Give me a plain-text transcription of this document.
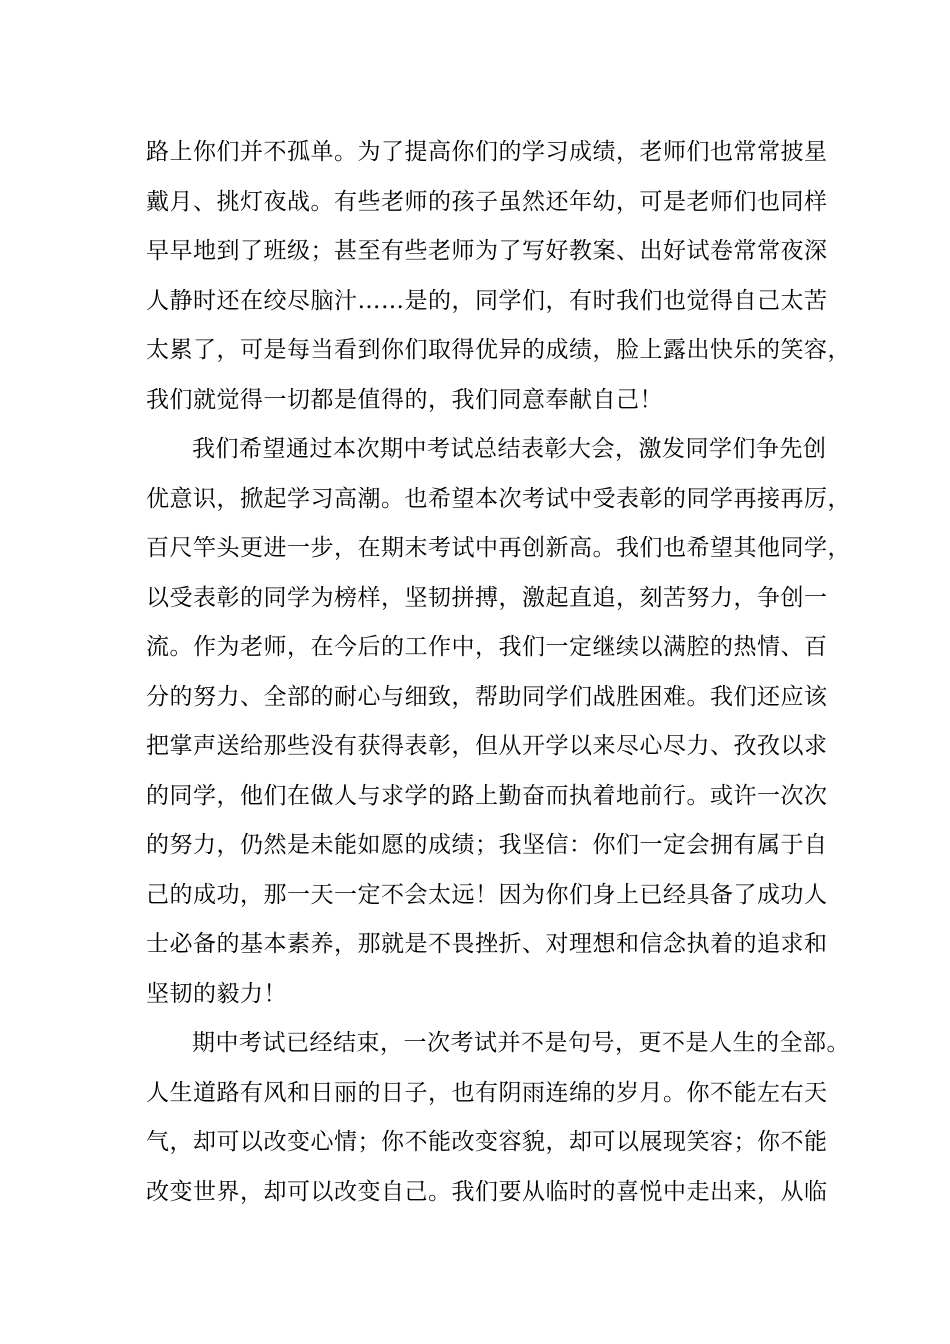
路上你们并不孤单。为了提高你们的学习成绩，老师们也常常披星
戴月、挑灯夜战。有些老师的孩子虽然还年幼，可是老师们也同样
早早地到了班级；甚至有些老师为了写好教案、出好试卷常常夜深
人静时还在绞尽脑汁……是的，同学们，有时我们也觉得自己太苦
太累了，可是每当看到你们取得优异的成绩，脸上露出快乐的笑容，
我们就觉得一切都是值得的，我们同意奉献自己！
我们希望通过本次期中考试总结表彰大会，激发同学们争先创
优意识，掀起学习高潮。也希望本次考试中受表彰的同学再接再厉，
百尺竿头更进一步，在期末考试中再创新高。我们也希望其他同学，
以受表彰的同学为榜样，坚韧拼搏，激起直追，刻苦努力，争创一
流。作为老师，在今后的工作中，我们一定继续以满腔的热情、百
分的努力、全部的耐心与细致，帮助同学们战胜困难。我们还应该
把掌声送给那些没有获得表彰，但从开学以来尽心尽力、孜孜以求
的同学，他们在做人与求学的路上勤奋而执着地前行。或许一次次
的努力，仍然是未能如愿的成绩；我坚信：你们一定会拥有属于自
己的成功，那一天一定不会太远！因为你们身上已经具备了成功人
士必备的基本素养，那就是不畏挫折、对理想和信念执着的追求和
坚韧的毅力！
期中考试已经结束，一次考试并不是句号，更不是人生的全部。
人生道路有风和日丽的日子，也有阴雨连绵的岁月。你不能左右天
气，却可以改变心情；你不能改变容貌，却可以展现笑容；你不能
改变世界，却可以改变自己。我们要从临时的喜悦中走出来，从临
